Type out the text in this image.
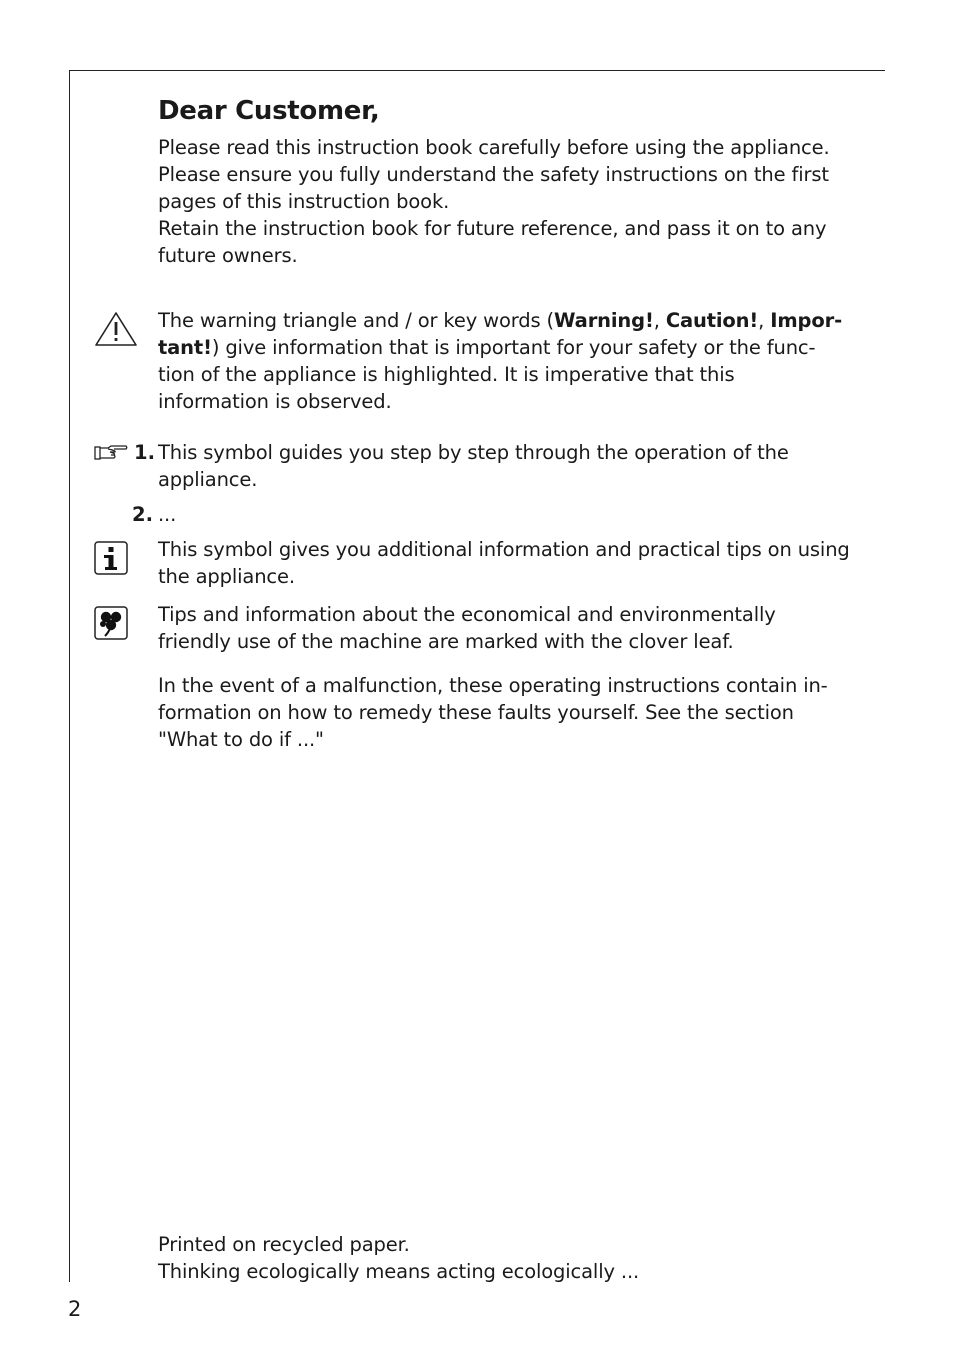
Dear Customer,
Please read this instruction book carefully before using the appliance.
Please ensure you fully understand the safety instructions on the first
pages of this instruction book.
Retain the instruction book for future reference, and pass it on to any
future owners.
The warning triangle and / or key words (Warning!, Caution!, Impor-
tant!) give information that is important for your safety or the func-
tion of the appliance is highlighted. It is imperative that this
information is observed.
1. This symbol guides you step by step through the operation of the
appliance.
2. ...
This symbol gives you additional information and practical tips on using
the appliance.
Tips and information about the economical and environmentally
friendly use of the machine are marked with the clover leaf.
In the event of a malfunction, these operating instructions contain in-
formation on how to remedy these faults yourself. See the section
"What to do if ..."
Printed on recycled paper.
Thinking ecologically means acting ecologically ...
2
